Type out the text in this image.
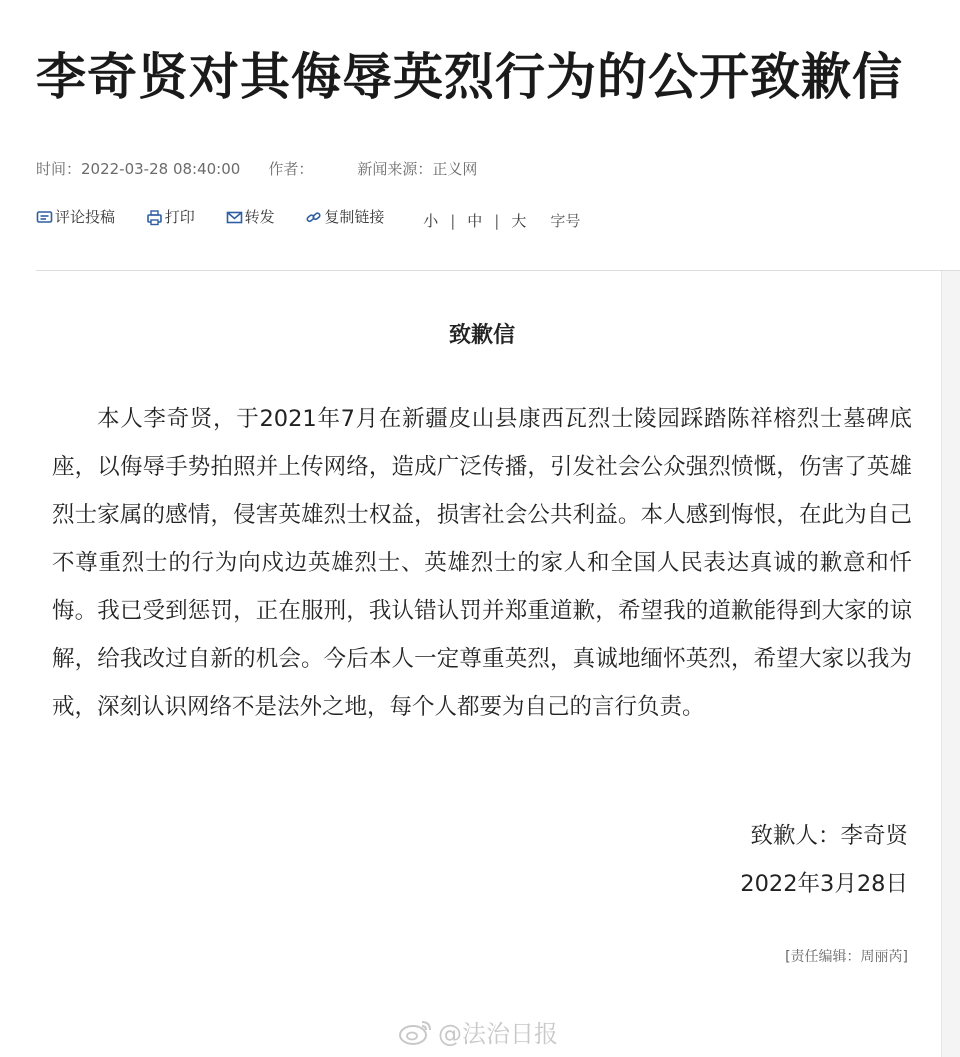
李奇贤对其侮辱英烈行为的公开致歉信
时间：2022-03-28 08:40:00 作者：	新闻来源：正义网
评论投稿
	打印
	转发
	复制链接	小 | 中 | 大 字号
致歉信

本人李奇贤，于2021年7月在新疆皮山县康西瓦烈士陵园踩踏陈祥榕烈士墓碑底座，以侮辱手势拍照并上传网络，造成广泛传播，引发社会公众强烈愤慨，伤害了英雄烈士家属的感情，侵害英雄烈士权益，损害社会公共利益。本人感到悔恨，在此为自己不尊重烈士的行为向戍边英雄烈士、英雄烈士的家人和全国人民表达真诚的歉意和忏悔。我已受到惩罚，正在服刑，我认错认罚并郑重道歉，希望我的道歉能得到大家的谅解，给我改过自新的机会。今后本人一定尊重英烈，真诚地缅怀英烈，希望大家以我为戒，深刻认识网络不是法外之地，每个人都要为自己的言行负责。

致歉人：李奇贤
2022年3月28日
[责任编辑：周丽芮]
@法治日报
